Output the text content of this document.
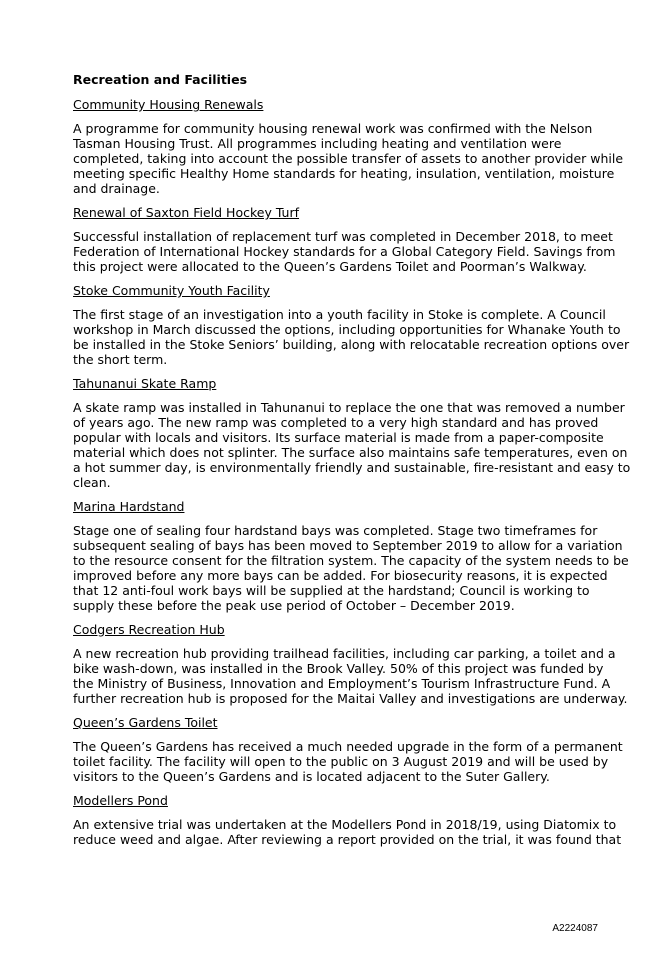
Recreation and Facilities
Community Housing Renewals
A programme for community housing renewal work was confirmed with the Nelson
Tasman Housing Trust. All programmes including heating and ventilation were
completed, taking into account the possible transfer of assets to another provider while
meeting specific Healthy Home standards for heating, insulation, ventilation, moisture
and drainage.
Renewal of Saxton Field Hockey Turf
Successful installation of replacement turf was completed in December 2018, to meet
Federation of International Hockey standards for a Global Category Field. Savings from
this project were allocated to the Queen’s Gardens Toilet and Poorman’s Walkway.
Stoke Community Youth Facility
The first stage of an investigation into a youth facility in Stoke is complete. A Council
workshop in March discussed the options, including opportunities for Whanake Youth to
be installed in the Stoke Seniors’ building, along with relocatable recreation options over
the short term.
Tahunanui Skate Ramp
A skate ramp was installed in Tahunanui to replace the one that was removed a number
of years ago. The new ramp was completed to a very high standard and has proved
popular with locals and visitors. Its surface material is made from a paper-composite
material which does not splinter. The surface also maintains safe temperatures, even on
a hot summer day, is environmentally friendly and sustainable, fire-resistant and easy to
clean.
Marina Hardstand
Stage one of sealing four hardstand bays was completed. Stage two timeframes for
subsequent sealing of bays has been moved to September 2019 to allow for a variation
to the resource consent for the filtration system. The capacity of the system needs to be
improved before any more bays can be added. For biosecurity reasons, it is expected
that 12 anti-foul work bays will be supplied at the hardstand; Council is working to
supply these before the peak use period of October – December 2019.
Codgers Recreation Hub
A new recreation hub providing trailhead facilities, including car parking, a toilet and a
bike wash-down, was installed in the Brook Valley. 50% of this project was funded by
the Ministry of Business, Innovation and Employment’s Tourism Infrastructure Fund. A
further recreation hub is proposed for the Maitai Valley and investigations are underway.
Queen’s Gardens Toilet
The Queen’s Gardens has received a much needed upgrade in the form of a permanent
toilet facility. The facility will open to the public on 3 August 2019 and will be used by
visitors to the Queen’s Gardens and is located adjacent to the Suter Gallery.
Modellers Pond
An extensive trial was undertaken at the Modellers Pond in 2018/19, using Diatomix to
reduce weed and algae. After reviewing a report provided on the trial, it was found that
A2224087
